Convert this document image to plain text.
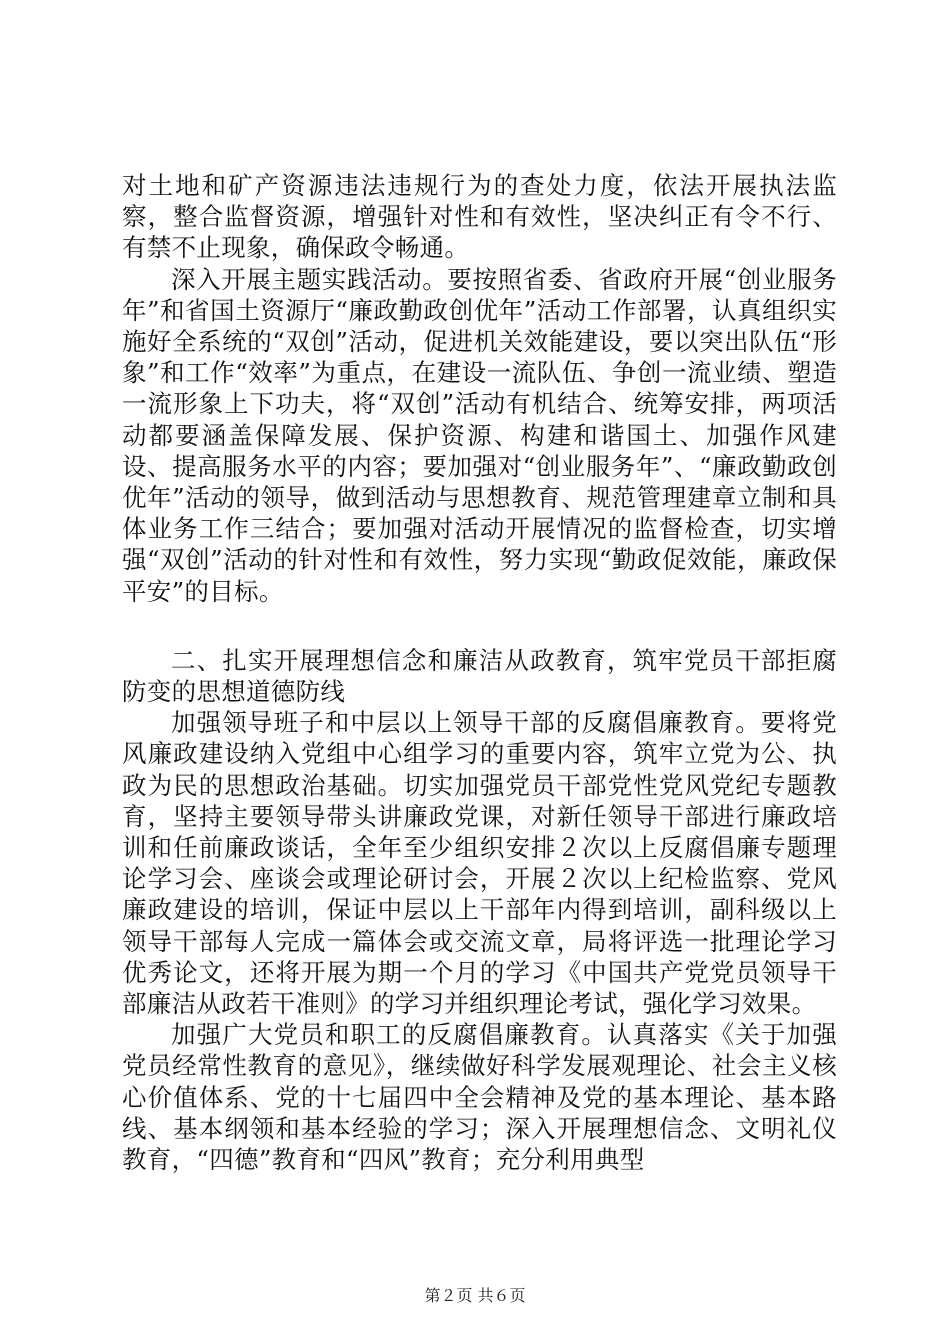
对土地和矿产资源违法违规行为的查处力度，依法开展执法监察，整合监督资源，增强针对性和有效性，坚决纠正有令不行、有禁不止现象，确保政令畅通。

深入开展主题实践活动。要按照省委、省政府开展“创业服务年”和省国土资源厅“廉政勤政创优年”活动工作部署，认真组织实施好全系统的“双创”活动，促进机关效能建设，要以突出队伍“形象”和工作“效率”为重点，在建设一流队伍、争创一流业绩、塑造一流形象上下功夫，将“双创”活动有机结合、统筹安排，两项活动都要涵盖保障发展、保护资源、构建和谐国土、加强作风建设、提高服务水平的内容；要加强对“创业服务年”、“廉政勤政创优年”活动的领导，做到活动与思想教育、规范管理建章立制和具体业务工作三结合；要加强对活动开展情况的监督检查，切实增强“双创”活动的针对性和有效性，努力实现“勤政促效能，廉政保平安”的目标。

二、扎实开展理想信念和廉洁从政教育，筑牢党员干部拒腐防变的思想道德防线

加强领导班子和中层以上领导干部的反腐倡廉教育。要将党风廉政建设纳入党组中心组学习的重要内容，筑牢立党为公、执政为民的思想政治基础。切实加强党员干部党性党风党纪专题教育，坚持主要领导带头讲廉政党课，对新任领导干部进行廉政培训和任前廉政谈话，全年至少组织安排２次以上反腐倡廉专题理论学习会、座谈会或理论研讨会，开展２次以上纪检监察、党风廉政建设的培训，保证中层以上干部年内得到培训，副科级以上领导干部每人完成一篇体会或交流文章，局将评选一批理论学习优秀论文，还将开展为期一个月的学习《中国共产党党员领导干部廉洁从政若干准则》的学习并组织理论考试，强化学习效果。

加强广大党员和职工的反腐倡廉教育。认真落实《关于加强党员经常性教育的意见》，继续做好科学发展观理论、社会主义核心价值体系、党的十七届四中全会精神及党的基本理论、基本路线、基本纲领和基本经验的学习；深入开展理想信念、文明礼仪教育，“四德”教育和“四风”教育；充分利用典型

第２页 共６页
